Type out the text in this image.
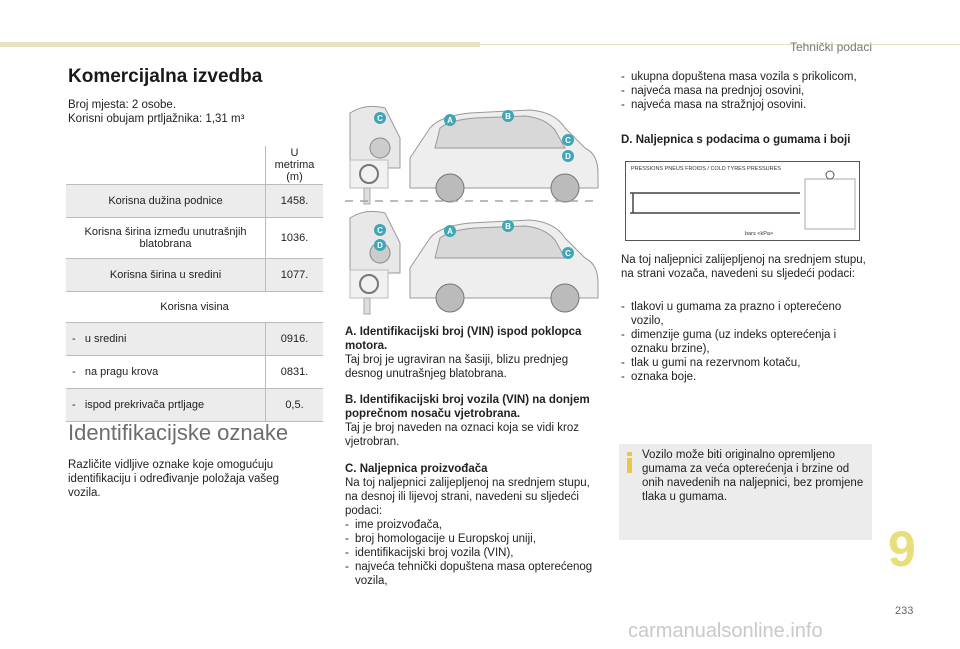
Tehnički podaci
Komercijalna izvedba
Broj mjesta: 2 osobe.
Korisni obujam prtljažnika: 1,31 m³
	U metrima
(m)
Korisna dužina podnice	1458.
Korisna širina između unutrašnjih blatobrana	1036.
Korisna širina u sredini	1077.
Korisna visina	
-   u sredini	0916.
-   na pragu krova	0831.
-   ispod prekrivača prtljage	0,5.
Identifikacijske oznake
Različite vidljive oznake koje omogućuju identifikaciju i određivanje položaja vašeg vozila.
A
A
B
B
C
C
C
C
D
D
A. Identifikacijski broj (VIN) ispod poklopca motora.
Taj broj je ugraviran na šasiji, blizu prednjeg desnog unutrašnjeg blatobrana.
B. Identifikacijski broj vozila (VIN) na donjem poprečnom nosaču vjetrobrana.
Taj je broj naveden na oznaci koja se vidi kroz vjetrobran.
C. Naljepnica proizvođača
Na toj naljepnici zalijepljenoj na srednjem stupu, na desnoj ili lijevoj strani, navedeni su sljedeći podaci:
- ime proizvođača,
- broj homologacije u Europskoj uniji,
- identifikacijski broj vozila (VIN),
- najveća tehnički dopuštena masa opterećenog vozila,
- ukupna dopuštena masa vozila s prikolicom,
- najveća masa na prednjoj osovini,
- najveća masa na stražnjoj osovini.
D. Naljepnica s podacima o gumama i boji
PRESSIONS PNEUS FROIDS / COLD TYRES PRESSURES
bars <kPa>
Na toj naljepnici zalijepljenoj na srednjem stupu, na strani vozača, navedeni su sljedeći podaci:
- tlakovi u gumama za prazno i opterećeno vozilo,
- dimenzije guma (uz indeks opterećenja i oznaku brzine),
- tlak u gumi na rezervnom kotaču,
- oznaka boje.
Vozilo može biti originalno opremljeno gumama za veća opterećenja i brzine od onih navedenih na naljepnici, bez promjene tlaka u gumama.
9
233
carmanualsonline.info
